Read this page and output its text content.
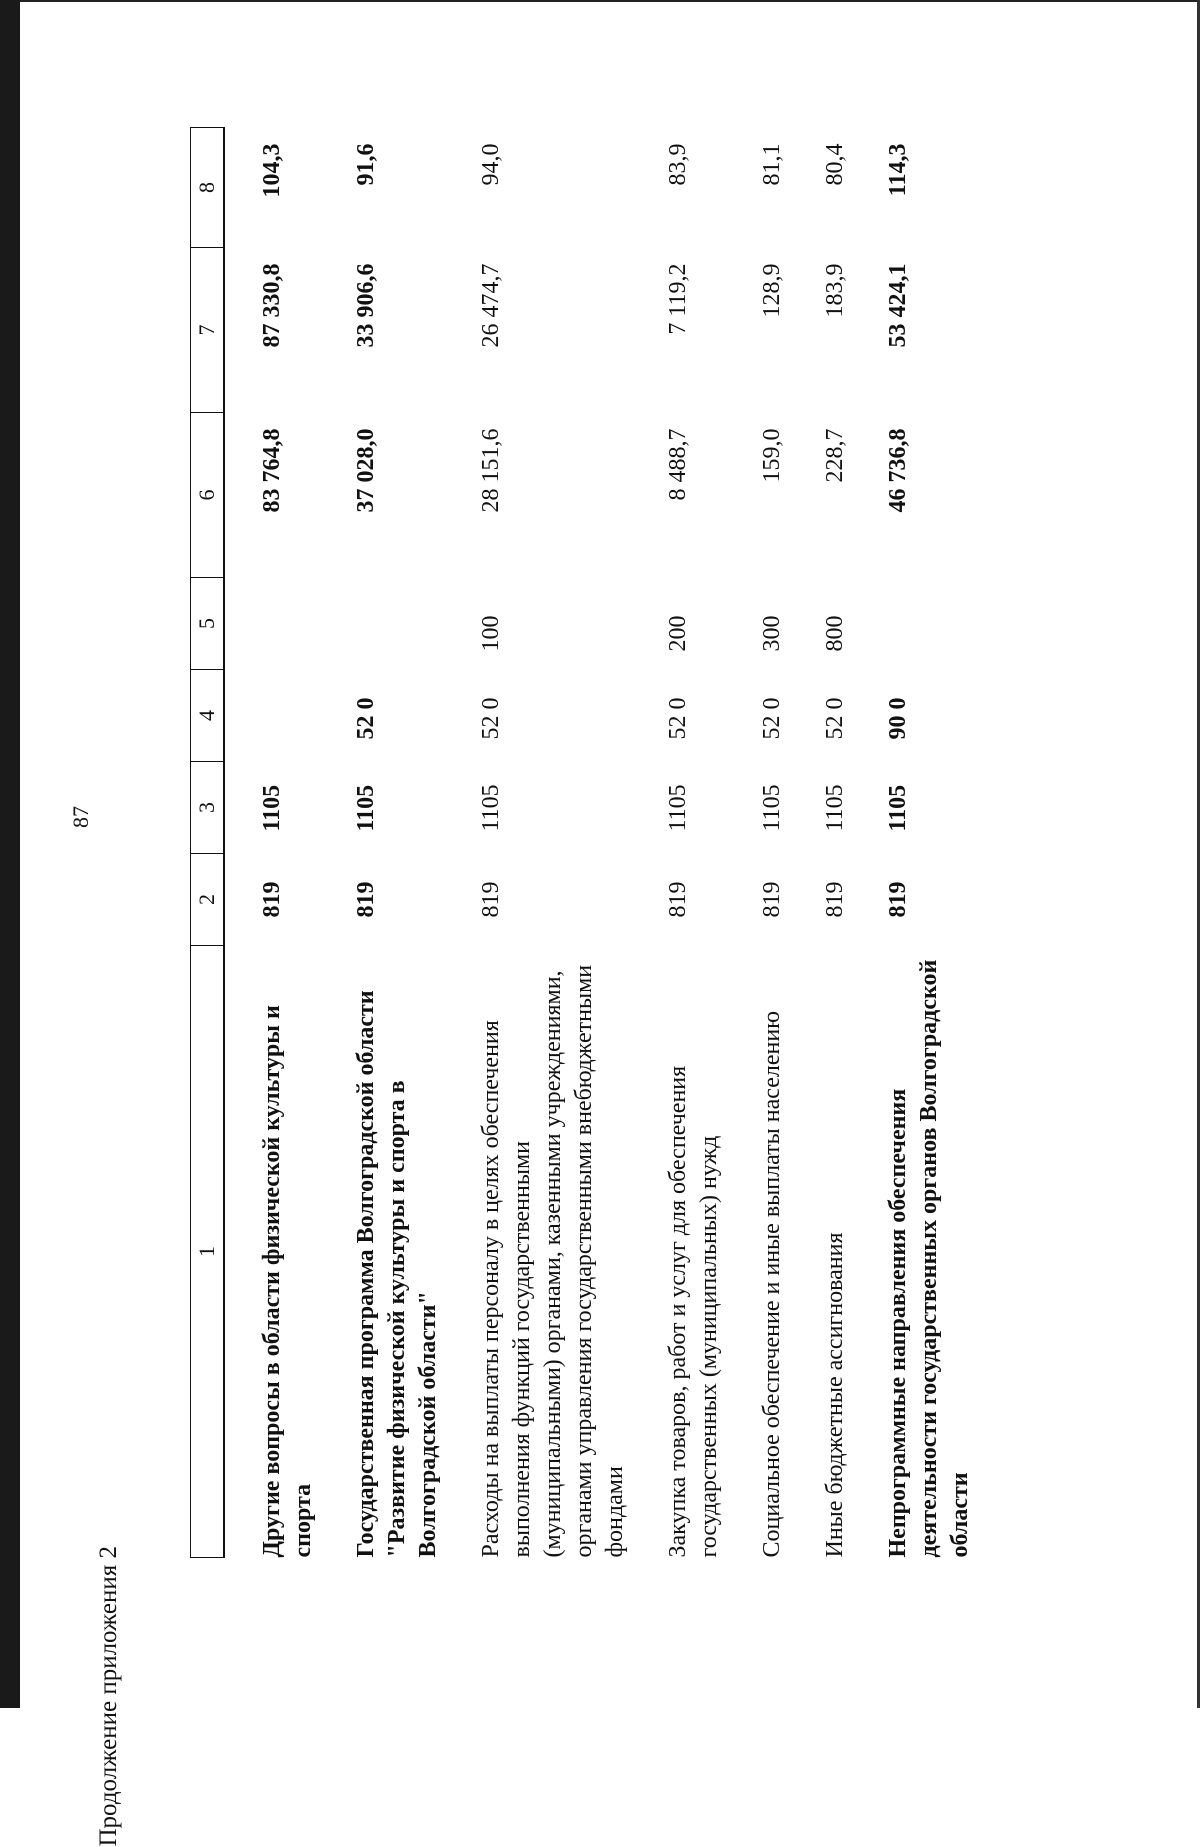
87
Продолжение приложения 2
1	2	3	4	5	6	7	8
Другие вопросы в области физической культуры и спорта	819	1105			83 764,8	87 330,8	104,3
Государственная программа Волгоградской области "Развитие физической культуры и спорта в Волгоградской области"	819	1105	52 0		37 028,0	33 906,6	91,6
Расходы на выплаты персоналу в целях обеспечения выполнения функций государственными (муниципальными) органами, казенными учреждениями, органами управления государственными внебюджетными фондами	819	1105	52 0	100	28 151,6	26 474,7	94,0
Закупка товаров, работ и услуг для обеспечения государственных (муниципальных) нужд	819	1105	52 0	200	8 488,7	7 119,2	83,9
Социальное обеспечение и иные выплаты населению	819	1105	52 0	300	159,0	128,9	81,1
Иные бюджетные ассигнования	819	1105	52 0	800	228,7	183,9	80,4
Непрограммные направления обеспечения деятельности государственных органов Волгоградской области	819	1105	90 0		46 736,8	53 424,1	114,3
